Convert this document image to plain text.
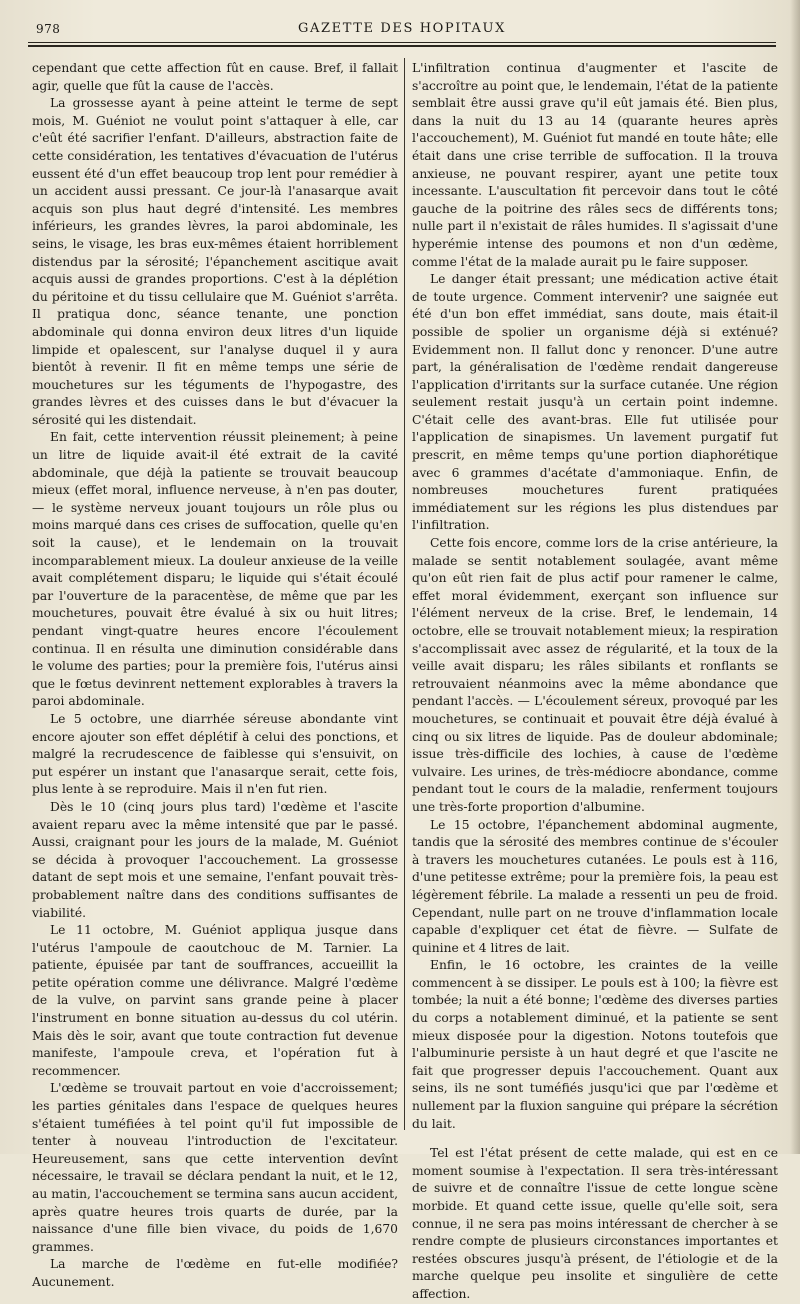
978	GAZETTE DES HOPITAUX

cependant que cette affection fût en cause. Bref, il fallait agir, quelle que fût la cause de l'accès.

La grossesse ayant à peine atteint le terme de sept mois, M. Guéniot ne voulut point s'attaquer à elle, car c'eût été sacrifier l'enfant. D'ailleurs, abstraction faite de cette considération, les tentatives d'évacuation de l'utérus eussent été d'un effet beaucoup trop lent pour remédier à un accident aussi pressant. Ce jour-là l'anasarque avait acquis son plus haut degré d'intensité. Les membres inférieurs, les grandes lèvres, la paroi abdominale, les seins, le visage, les bras eux-mêmes étaient horriblement distendus par la sérosité; l'épanchement ascitique avait acquis aussi de grandes proportions. C'est à la déplétion du péritoine et du tissu cellulaire que M. Guéniot s'arrêta. Il pratiqua donc, séance tenante, une ponction abdominale qui donna environ deux litres d'un liquide limpide et opalescent, sur l'analyse duquel il y aura bientôt à revenir. Il fit en même temps une série de mouchetures sur les téguments de l'hypogastre, des grandes lèvres et des cuisses dans le but d'évacuer la sérosité qui les distendait.

En fait, cette intervention réussit pleinement; à peine un litre de liquide avait-il été extrait de la cavité abdominale, que déjà la patiente se trouvait beaucoup mieux (effet moral, influence nerveuse, à n'en pas douter, — le système nerveux jouant toujours un rôle plus ou moins marqué dans ces crises de suffocation, quelle qu'en soit la cause), et le lendemain on la trouvait incomparablement mieux. La douleur anxieuse de la veille avait complétement disparu; le liquide qui s'était écoulé par l'ouverture de la paracentèse, de même que par les mouchetures, pouvait être évalué à six ou huit litres; pendant vingt-quatre heures encore l'écoulement continua. Il en résulta une diminution considérable dans le volume des parties; pour la première fois, l'utérus ainsi que le fœtus devinrent nettement explorables à travers la paroi abdominale.

Le 5 octobre, une diarrhée séreuse abondante vint encore ajouter son effet déplétif à celui des ponctions, et malgré la recrudescence de faiblesse qui s'ensuivit, on put espérer un instant que l'anasarque serait, cette fois, plus lente à se reproduire. Mais il n'en fut rien.

Dès le 10 (cinq jours plus tard) l'œdème et l'ascite avaient reparu avec la même intensité que par le passé. Aussi, craignant pour les jours de la malade, M. Guéniot se décida à provoquer l'accouchement. La grossesse datant de sept mois et une semaine, l'enfant pouvait très-probablement naître dans des conditions suffisantes de viabilité.

Le 11 octobre, M. Guéniot appliqua jusque dans l'utérus l'ampoule de caoutchouc de M. Tarnier. La patiente, épuisée par tant de souffrances, accueillit la petite opération comme une délivrance. Malgré l'œdème de la vulve, on parvint sans grande peine à placer l'instrument en bonne situation au-dessus du col utérin. Mais dès le soir, avant que toute contraction fut devenue manifeste, l'ampoule creva, et l'opération fut à recommencer.

L'œdème se trouvait partout en voie d'accroissement; les parties génitales dans l'espace de quelques heures s'étaient tuméfiées à tel point qu'il fut impossible de tenter à nouveau l'introduction de l'excitateur. Heureusement, sans que cette intervention devînt nécessaire, le travail se déclara pendant la nuit, et le 12, au matin, l'accouchement se termina sans aucun accident, après quatre heures trois quarts de durée, par la naissance d'une fille bien vivace, du poids de 1,670 grammes.

La marche de l'œdème en fut-elle modifiée? Aucunement.

L'infiltration continua d'augmenter et l'ascite de s'accroître au point que, le lendemain, l'état de la patiente semblait être aussi grave qu'il eût jamais été. Bien plus, dans la nuit du 13 au 14 (quarante heures après l'accouchement), M. Guéniot fut mandé en toute hâte; elle était dans une crise terrible de suffocation. Il la trouva anxieuse, ne pouvant respirer, ayant une petite toux incessante. L'auscultation fit percevoir dans tout le côté gauche de la poitrine des râles secs de différents tons; nulle part il n'existait de râles humides. Il s'agissait d'une hyperémie intense des poumons et non d'un œdème, comme l'état de la malade aurait pu le faire supposer.

Le danger était pressant; une médication active était de toute urgence. Comment intervenir? une saignée eut été d'un bon effet immédiat, sans doute, mais était-il possible de spolier un organisme déjà si exténué? Evidemment non. Il fallut donc y renoncer. D'une autre part, la généralisation de l'œdème rendait dangereuse l'application d'irritants sur la surface cutanée. Une région seulement restait jusqu'à un certain point indemne. C'était celle des avant-bras. Elle fut utilisée pour l'application de sinapismes. Un lavement purgatif fut prescrit, en même temps qu'une portion diaphorétique avec 6 grammes d'acétate d'ammoniaque. Enfin, de nombreuses mouchetures furent pratiquées immédiatement sur les régions les plus distendues par l'infiltration.

Cette fois encore, comme lors de la crise antérieure, la malade se sentit notablement soulagée, avant même qu'on eût rien fait de plus actif pour ramener le calme, effet moral évidemment, exerçant son influence sur l'élément nerveux de la crise. Bref, le lendemain, 14 octobre, elle se trouvait notablement mieux; la respiration s'accomplissait avec assez de régularité, et la toux de la veille avait disparu; les râles sibilants et ronflants se retrouvaient néanmoins avec la même abondance que pendant l'accès. — L'écoulement séreux, provoqué par les mouchetures, se continuait et pouvait être déjà évalué à cinq ou six litres de liquide. Pas de douleur abdominale; issue très-difficile des lochies, à cause de l'œdème vulvaire. Les urines, de très-médiocre abondance, comme pendant tout le cours de la maladie, renferment toujours une très-forte proportion d'albumine.

Le 15 octobre, l'épanchement abdominal augmente, tandis que la sérosité des membres continue de s'écouler à travers les mouchetures cutanées. Le pouls est à 116, d'une petitesse extrême; pour la première fois, la peau est légèrement fébrile. La malade a ressenti un peu de froid. Cependant, nulle part on ne trouve d'inflammation locale capable d'expliquer cet état de fièvre. — Sulfate de quinine et 4 litres de lait.

Enfin, le 16 octobre, les craintes de la veille commencent à se dissiper. Le pouls est à 100; la fièvre est tombée; la nuit a été bonne; l'œdème des diverses parties du corps a notablement diminué, et la patiente se sent mieux disposée pour la digestion. Notons toutefois que l'albuminurie persiste à un haut degré et que l'ascite ne fait que progresser depuis l'accouchement. Quant aux seins, ils ne sont tuméfiés jusqu'ici que par l'œdème et nullement par la fluxion sanguine qui prépare la sécrétion du lait.

Tel est l'état présent de cette malade, qui est en ce moment soumise à l'expectation. Il sera très-intéressant de suivre et de connaître l'issue de cette longue scène morbide. Et quand cette issue, quelle qu'elle soit, sera connue, il ne sera pas moins intéressant de chercher à se rendre compte de plusieurs circonstances importantes et restées obscures jusqu'à présent, de l'étiologie et de la marche quelque peu insolite et singulière de cette affection.
